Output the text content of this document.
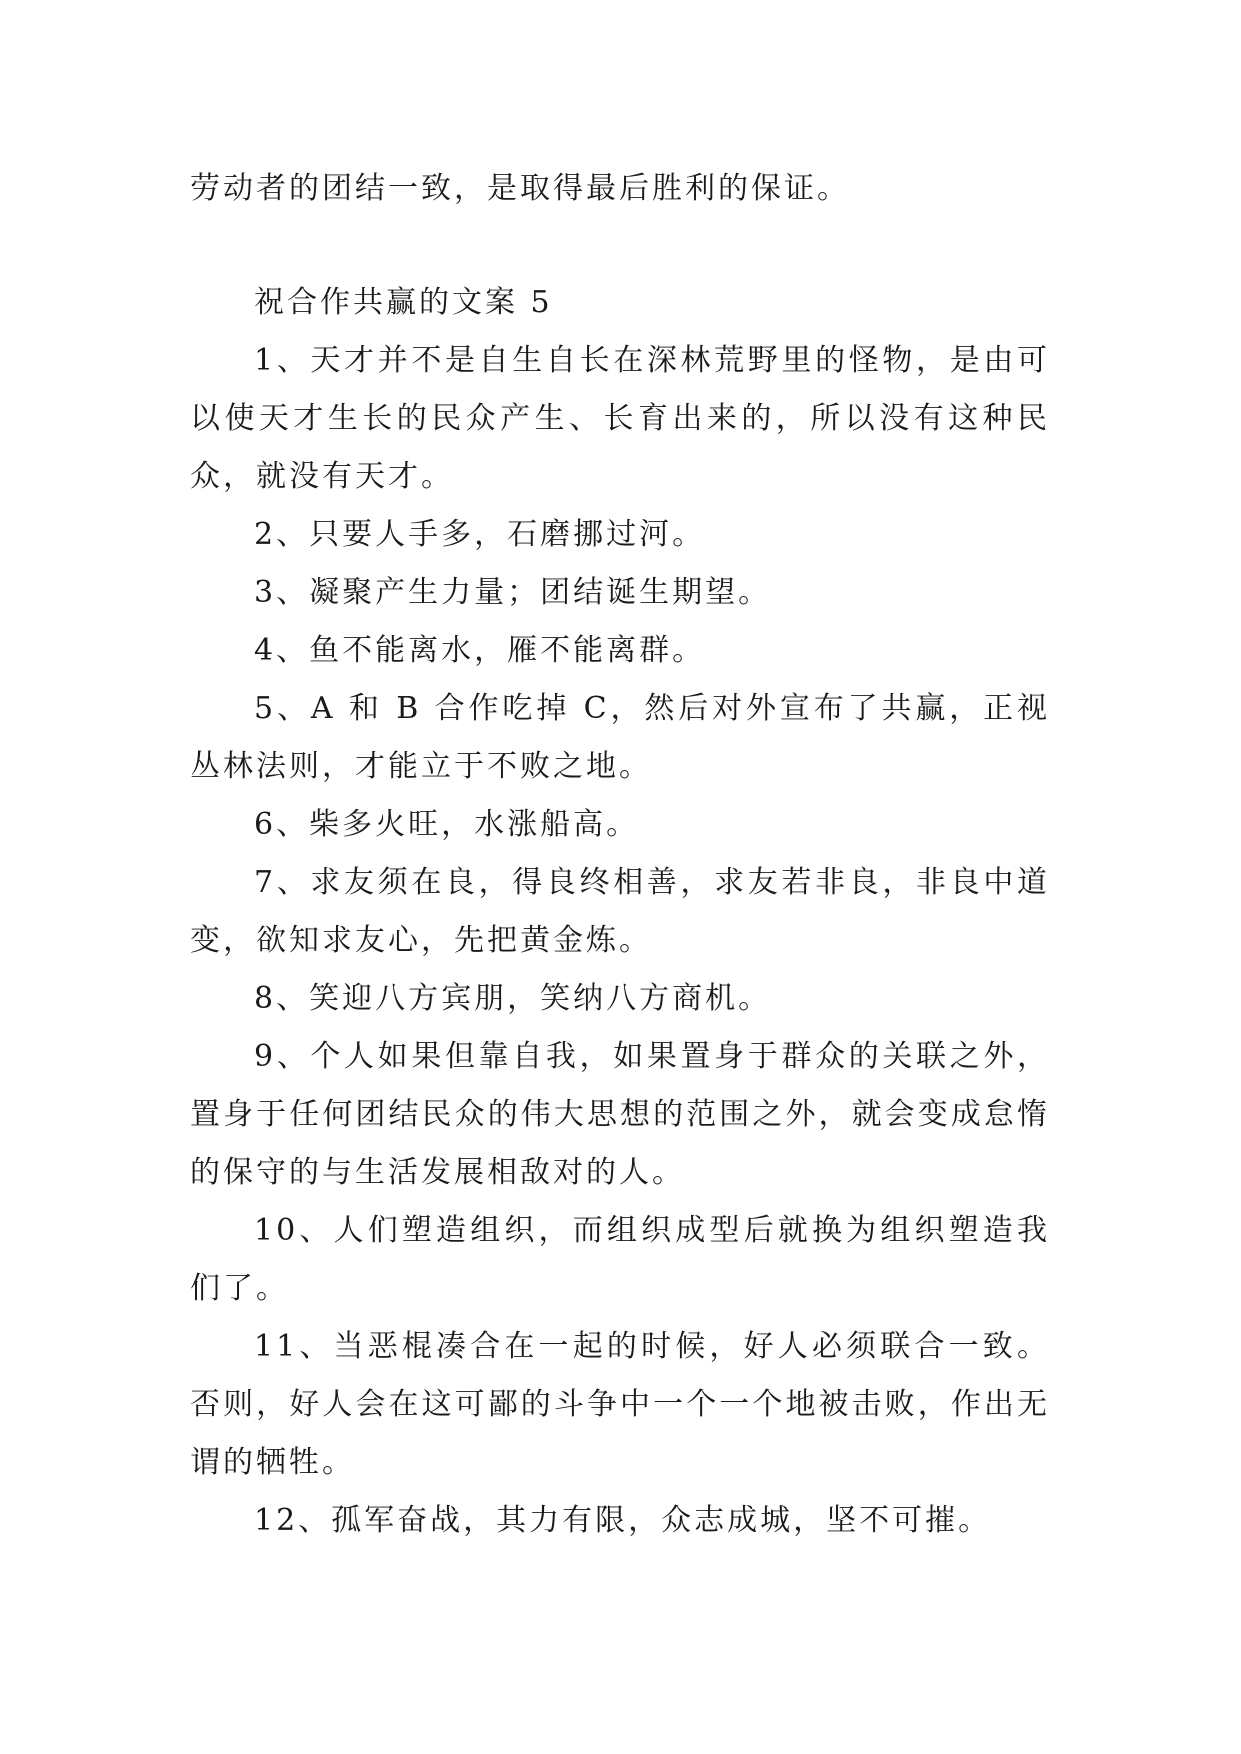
劳动者的团结一致，是取得最后胜利的保证。

祝合作共赢的文案 5

1、天才并不是自生自长在深林荒野里的怪物，是由可以使天才生长的民众产生、长育出来的，所以没有这种民众，就没有天才。

2、只要人手多，石磨挪过河。

3、凝聚产生力量；团结诞生期望。

4、鱼不能离水，雁不能离群。

5、A 和 B 合作吃掉 C，然后对外宣布了共赢，正视丛林法则，才能立于不败之地。

6、柴多火旺，水涨船高。

7、求友须在良，得良终相善，求友若非良，非良中道变，欲知求友心，先把黄金炼。

8、笑迎八方宾朋，笑纳八方商机。

9、个人如果但靠自我，如果置身于群众的关联之外，置身于任何团结民众的伟大思想的范围之外，就会变成怠惰的保守的与生活发展相敌对的人。

10、人们塑造组织，而组织成型后就换为组织塑造我们了。

11、当恶棍凑合在一起的时候，好人必须联合一致。否则，好人会在这可鄙的斗争中一个一个地被击败，作出无谓的牺牲。

12、孤军奋战，其力有限，众志成城，坚不可摧。
